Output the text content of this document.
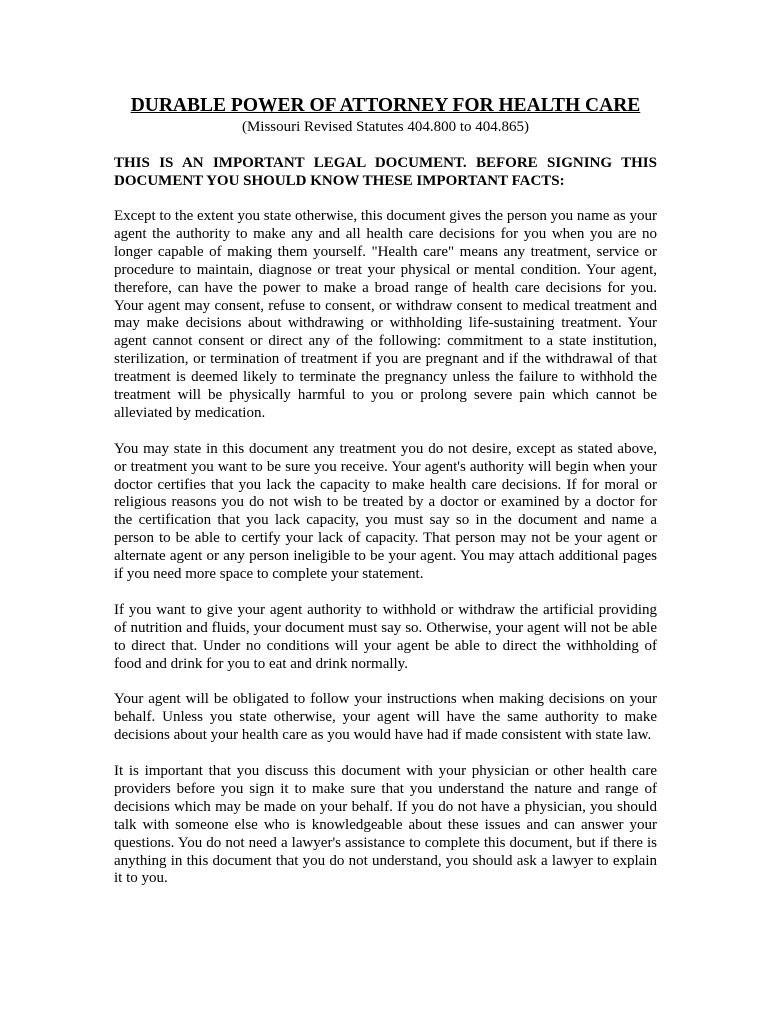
DURABLE POWER OF ATTORNEY FOR HEALTH CARE

(Missouri Revised Statutes 404.800 to 404.865)

THIS IS AN IMPORTANT LEGAL DOCUMENT. BEFORE SIGNING THIS DOCUMENT YOU SHOULD KNOW THESE IMPORTANT FACTS:

Except to the extent you state otherwise, this document gives the person you name as your agent the authority to make any and all health care decisions for you when you are no longer capable of making them yourself. "Health care" means any treatment, service or procedure to maintain, diagnose or treat your physical or mental condition. Your agent, therefore, can have the power to make a broad range of health care decisions for you. Your agent may consent, refuse to consent, or withdraw consent to medical treatment and may make decisions about withdrawing or withholding life-sustaining treatment. Your agent cannot consent or direct any of the following: commitment to a state institution, sterilization, or termination of treatment if you are pregnant and if the withdrawal of that treatment is deemed likely to terminate the pregnancy unless the failure to withhold the treatment will be physically harmful to you or prolong severe pain which cannot be alleviated by medication.

You may state in this document any treatment you do not desire, except as stated above, or treatment you want to be sure you receive. Your agent's authority will begin when your doctor certifies that you lack the capacity to make health care decisions. If for moral or religious reasons you do not wish to be treated by a doctor or examined by a doctor for the certification that you lack capacity, you must say so in the document and name a person to be able to certify your lack of capacity. That person may not be your agent or alternate agent or any person ineligible to be your agent. You may attach additional pages if you need more space to complete your statement.

If you want to give your agent authority to withhold or withdraw the artificial providing of nutrition and fluids, your document must say so. Otherwise, your agent will not be able to direct that. Under no conditions will your agent be able to direct the withholding of food and drink for you to eat and drink normally.

Your agent will be obligated to follow your instructions when making decisions on your behalf. Unless you state otherwise, your agent will have the same authority to make decisions about your health care as you would have had if made consistent with state law.

It is important that you discuss this document with your physician or other health care providers before you sign it to make sure that you understand the nature and range of decisions which may be made on your behalf. If you do not have a physician, you should talk with someone else who is knowledgeable about these issues and can answer your questions. You do not need a lawyer's assistance to complete this document, but if there is anything in this document that you do not understand, you should ask a lawyer to explain it to you.
